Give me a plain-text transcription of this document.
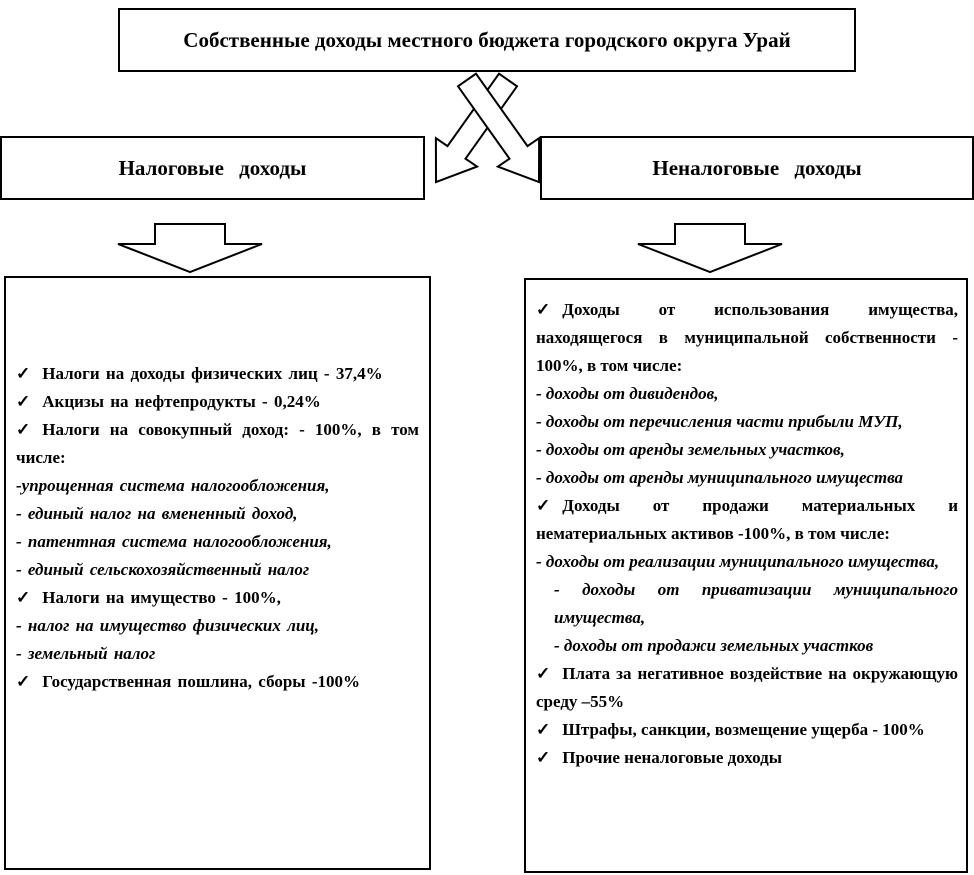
Собственные доходы местного бюджета городского округа Урай
Налоговые доходы	Неналоговые доходы
✓ Налоги на доходы физических лиц - 37,4%
✓ Акцизы на нефтепродукты - 0,24%
✓ Налоги на совокупный доход: - 100%, в том числе:
-упрощенная система налогообложения,
- единый налог на вмененный доход,
- патентная система налогообложения,
- единый сельскохозяйственный налог
✓ Налоги на имущество - 100%,
- налог на имущество физических лиц,
- земельный налог
✓ Государственная пошлина, сборы -100%
✓ Доходы от использования имущества, находящегося в муниципальной собственности - 100%, в том числе:
- доходы от дивидендов,
- доходы от перечисления части прибыли МУП,
- доходы от аренды земельных участков,
- доходы от аренды муниципального имущества
✓ Доходы от продажи материальных и нематериальных активов -100%, в том числе:
- доходы от реализации муниципального имущества,
- доходы от приватизации муниципального имущества,
- доходы от продажи земельных участков
✓ Плата за негативное воздействие на окружающую среду –55%
✓ Штрафы, санкции, возмещение ущерба - 100%
✓ Прочие неналоговые доходы
